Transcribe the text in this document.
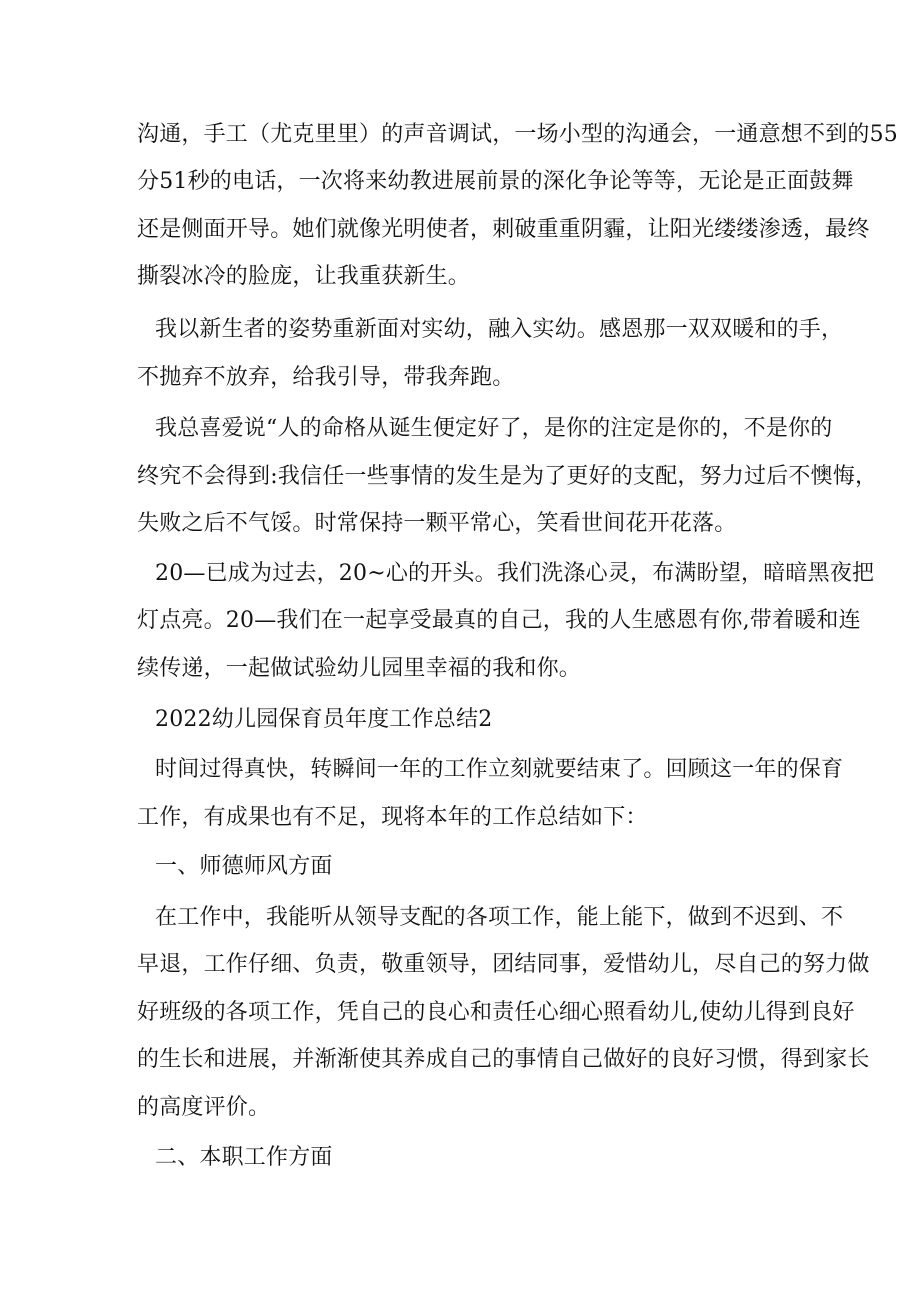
沟通，手工（尤克里里）的声音调试，一场小型的沟通会，一通意想不到的55
分51秒的电话，一次将来幼教进展前景的深化争论等等，无论是正面鼓舞
还是侧面开导。她们就像光明使者，刺破重重阴霾，让阳光缕缕渗透，最终
撕裂冰冷的脸庞，让我重获新生。
我以新生者的姿势重新面对实幼，融入实幼。感恩那一双双暖和的手，
不抛弃不放弃，给我引导，带我奔跑。
我总喜爱说“人的命格从诞生便定好了，是你的注定是你的，不是你的
终究不会得到:我信任一些事情的发生是为了更好的支配，努力过后不懊悔，
失败之后不气馁。时常保持一颗平常心，笑看世间花开花落。
20—已成为过去，20~心的开头。我们洗涤心灵，布满盼望，暗暗黑夜把
灯点亮。20—我们在一起享受最真的自己，我的人生感恩有你,带着暖和连
续传递，一起做试验幼儿园里幸福的我和你。
2022幼儿园保育员年度工作总结2
时间过得真快，转瞬间一年的工作立刻就要结束了。回顾这一年的保育
工作，有成果也有不足，现将本年的工作总结如下：
一、师德师风方面
在工作中，我能听从领导支配的各项工作，能上能下，做到不迟到、不
早退，工作仔细、负责，敬重领导，团结同事，爱惜幼儿，尽自己的努力做
好班级的各项工作，凭自己的良心和责任心细心照看幼儿,使幼儿得到良好
的生长和进展，并渐渐使其养成自己的事情自己做好的良好习惯，得到家长
的高度评价。
二、本职工作方面
